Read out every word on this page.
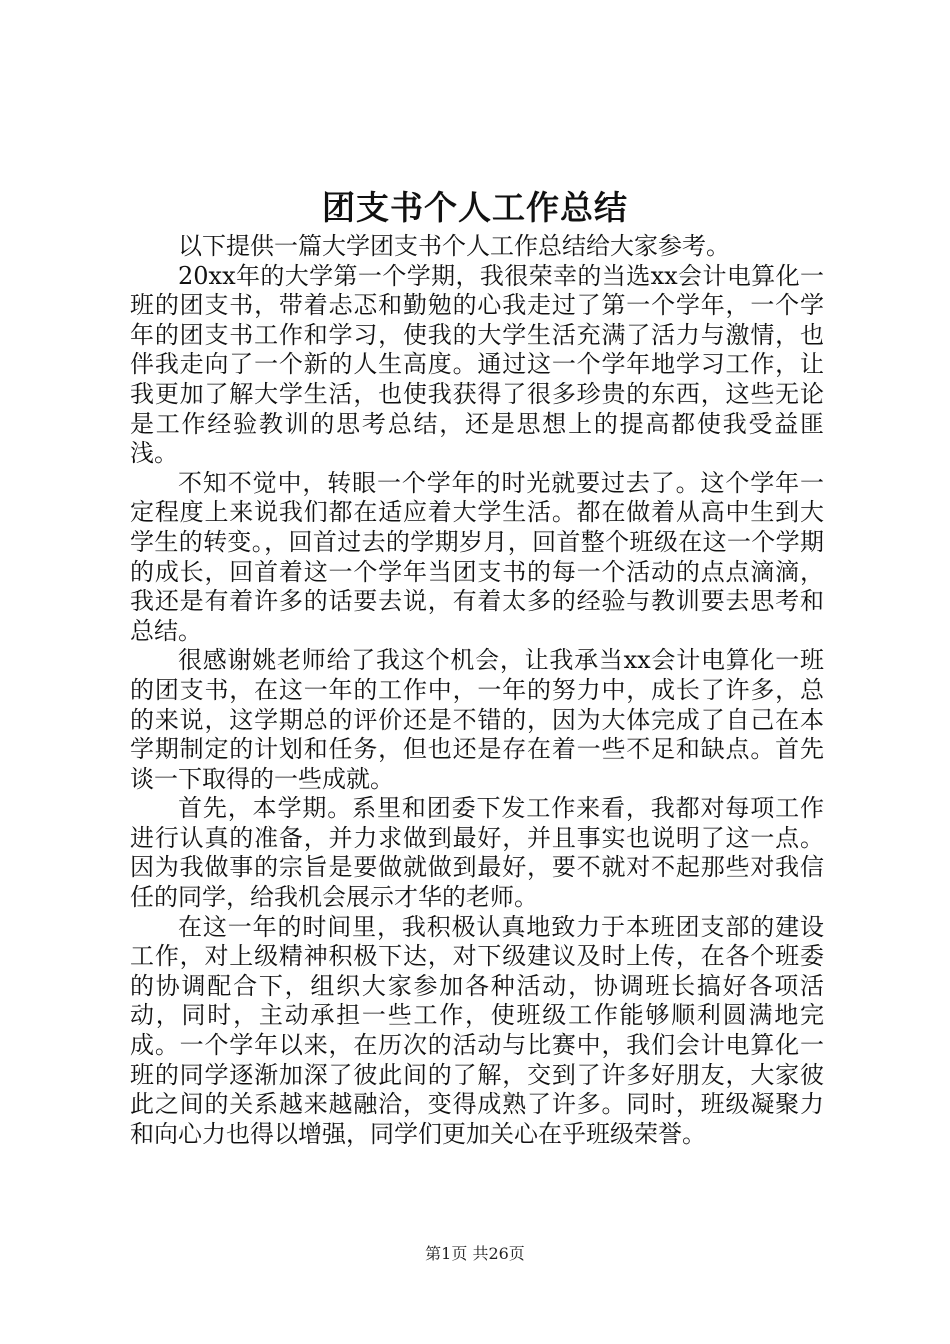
团支书个人工作总结

以下提供一篇大学团支书个人工作总结给大家参考。

20xx年的大学第一个学期，我很荣幸的当选xx会计电算化一班的团支书，带着忐忑和勤勉的心我走过了第一个学年，一个学年的团支书工作和学习，使我的大学生活充满了活力与激情，也伴我走向了一个新的人生高度。通过这一个学年地学习工作，让我更加了解大学生活，也使我获得了很多珍贵的东西，这些无论是工作经验教训的思考总结，还是思想上的提高都使我受益匪浅。

不知不觉中，转眼一个学年的时光就要过去了。这个学年一定程度上来说我们都在适应着大学生活。都在做着从高中生到大学生的转变。，回首过去的学期岁月，回首整个班级在这一个学期的成长，回首着这一个学年当团支书的每一个活动的点点滴滴，我还是有着许多的话要去说，有着太多的经验与教训要去思考和总结。

很感谢姚老师给了我这个机会，让我承当xx会计电算化一班的团支书，在这一年的工作中，一年的努力中，成长了许多，总的来说，这学期总的评价还是不错的，因为大体完成了自己在本学期制定的计划和任务，但也还是存在着一些不足和缺点。首先谈一下取得的一些成就。

首先，本学期。系里和团委下发工作来看，我都对每项工作进行认真的准备，并力求做到最好，并且事实也说明了这一点。因为我做事的宗旨是要做就做到最好，要不就对不起那些对我信任的同学，给我机会展示才华的老师。

在这一年的时间里，我积极认真地致力于本班团支部的建设工作，对上级精神积极下达，对下级建议及时上传，在各个班委的协调配合下，组织大家参加各种活动，协调班长搞好各项活动，同时，主动承担一些工作，使班级工作能够顺利圆满地完成。一个学年以来，在历次的活动与比赛中，我们会计电算化一班的同学逐渐加深了彼此间的了解，交到了许多好朋友，大家彼此之间的关系越来越融洽，变得成熟了许多。同时，班级凝聚力和向心力也得以增强，同学们更加关心在乎班级荣誉。

第1页 共26页
